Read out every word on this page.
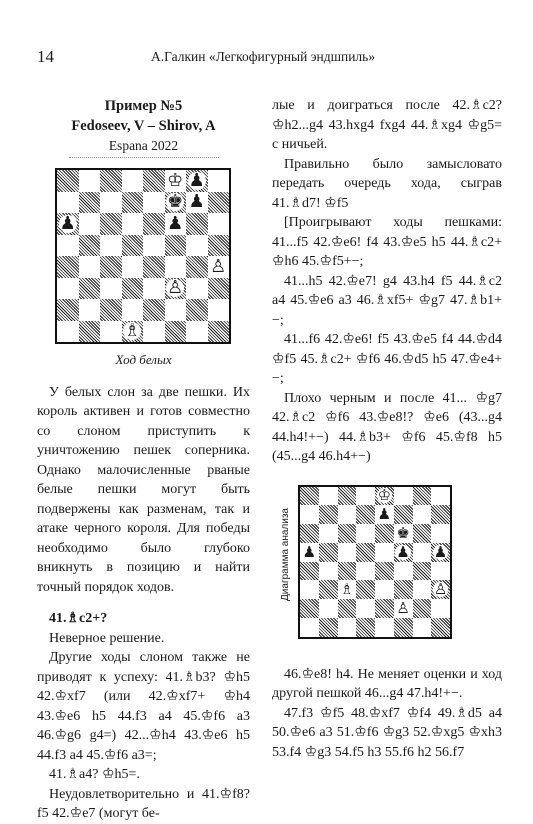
14	А.Галкин «Легкофигурный эндшпиль»
Пример №5
Fedoseev, V – Shirov, A
Espana 2022
♔ ♟
♚ ♟
♟	♟
♙
♙
♗
Ход белых

У белых слон за две пешки. Их король активен и готов совместно со слоном приступить к уничтожению пешек соперника. Однако малочисленные рваные белые пешки могут быть подвержены как разменам, так и атаке черного короля. Для победы необходимо было глубоко вникнуть в позицию и найти точный порядок ходов.

41.♗c2+?

Неверное решение.

Другие ходы слоном также не приводят к успеху: 41.♗b3? ♔h5 42.♔xf7 (или 42.♔xf7+ ♔h4 43.♔e6 h5 44.f3 a4 45.♔f6 a3 46.♔g6 g4=) 42...♔h4 43.♔e6 h5 44.f3 a4 45.♔f6 a3=;

41.♗a4? ♔h5=.

Неудовлетворительно и 41.♔f8? f5 42.♔e7 (могут бе-

лые и доиграться после 42.♗c2? ♔h2...g4 43.hxg4 fxg4 44.♗xg4 ♔g5= с ничьей.

Правильно было замысловато передать очередь хода, сыграв 41.♗d7! ♔f5

[Проигрывают ходы пешками: 41...f5 42.♔e6! f4 43.♔e5 h5 44.♗c2+ ♔h6 45.♔f5+−;

41...h5 42.♔e7! g4 43.h4 f5 44.♗c2 a4 45.♔e6 a3 46.♗xf5+ ♔g7 47.♗b1+−;

41...f6 42.♔e6! f5 43.♔e5 f4 44.♔d4 ♔f5 45.♗c2+ ♔f6 46.♔d5 h5 47.♔e4+−;

Плохо черным и после 41... ♔g7 42.♗c2 ♔f6 43.♔e8!? ♔e6 (43...g4 44.h4!+−) 44.♗b3+ ♔f6 45.♔f8 h5 (45...g4 46.h4+−)

Диаграмма анализа
♔
♟
♚
♟	♟ ♟
♗	♙
♙

46.♔e8! h4. Не меняет оценки и ход другой пешкой 46...g4 47.h4!+−.

47.f3 ♔f5 48.♔xf7 ♔f4 49.♗d5 a4 50.♔e6 a3 51.♔f6 ♔g3 52.♔xg5 ♔xh3 53.f4 ♔g3 54.f5 h3 55.f6 h2 56.f7
